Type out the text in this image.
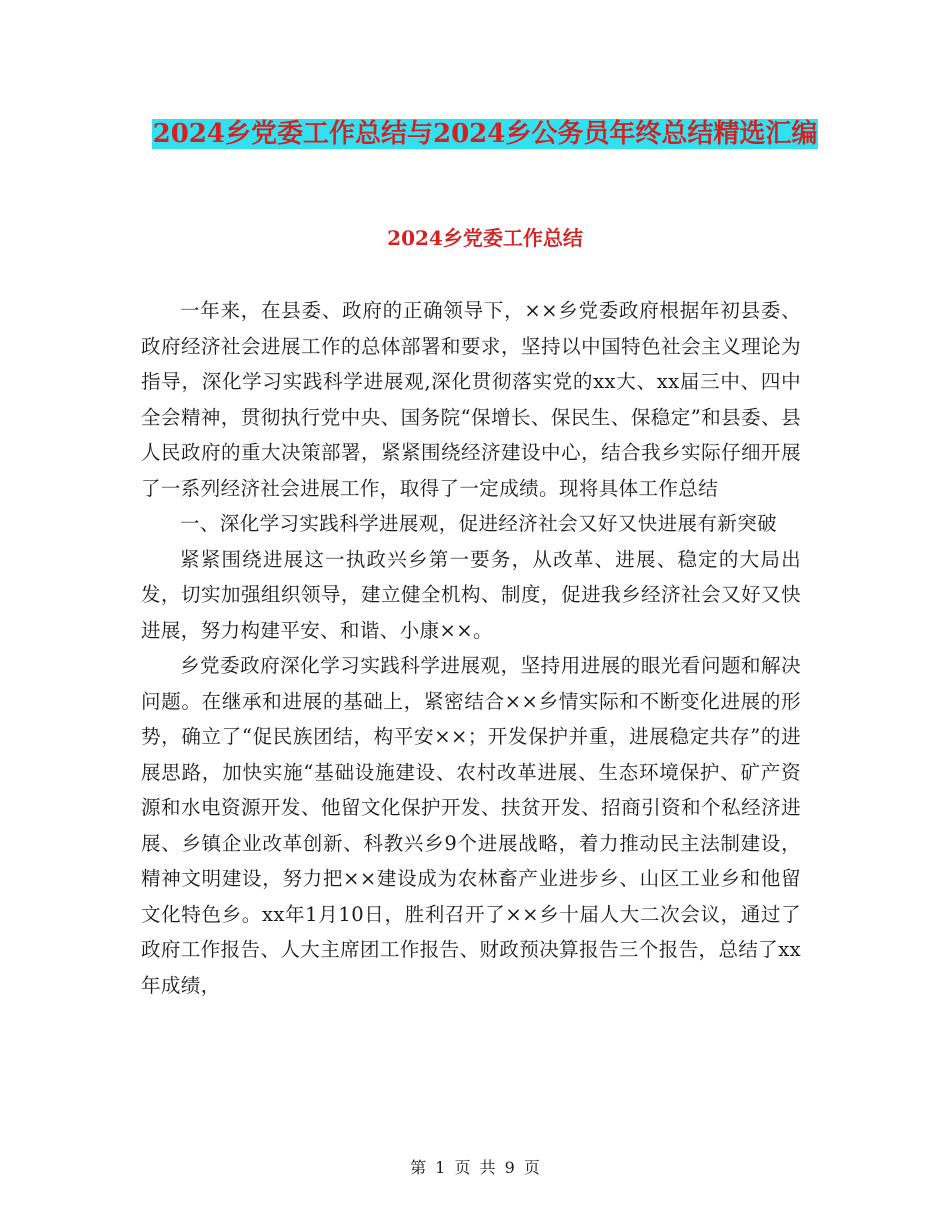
2024乡党委工作总结与2024乡公务员年终总结精选汇编
2024乡党委工作总结

一年来，在县委、政府的正确领导下，××乡党委政府根据年初县委、政府经济社会进展工作的总体部署和要求，坚持以中国特色社会主义理论为指导，深化学习实践科学进展观,深化贯彻落实党的xx大、xx届三中、四中全会精神，贯彻执行党中央、国务院“保增长、保民生、保稳定”和县委、县人民政府的重大决策部署，紧紧围绕经济建设中心，结合我乡实际仔细开展了一系列经济社会进展工作，取得了一定成绩。现将具体工作总结

一、深化学习实践科学进展观，促进经济社会又好又快进展有新突破

紧紧围绕进展这一执政兴乡第一要务，从改革、进展、稳定的大局出发，切实加强组织领导，建立健全机构、制度，促进我乡经济社会又好又快进展，努力构建平安、和谐、小康××。

乡党委政府深化学习实践科学进展观，坚持用进展的眼光看问题和解决问题。在继承和进展的基础上，紧密结合××乡情实际和不断变化进展的形势，确立了“促民族团结，构平安××；开发保护并重，进展稳定共存”的进展思路，加快实施“基础设施建设、农村改革进展、生态环境保护、矿产资源和水电资源开发、他留文化保护开发、扶贫开发、招商引资和个私经济进展、乡镇企业改革创新、科教兴乡9个进展战略，着力推动民主法制建设，精神文明建设，努力把××建设成为农林畜产业进步乡、山区工业乡和他留文化特色乡。xx年1月10日，胜利召开了××乡十届人大二次会议，通过了政府工作报告、人大主席团工作报告、财政预决算报告三个报告，总结了xx年成绩，

第 1 页 共 9 页
